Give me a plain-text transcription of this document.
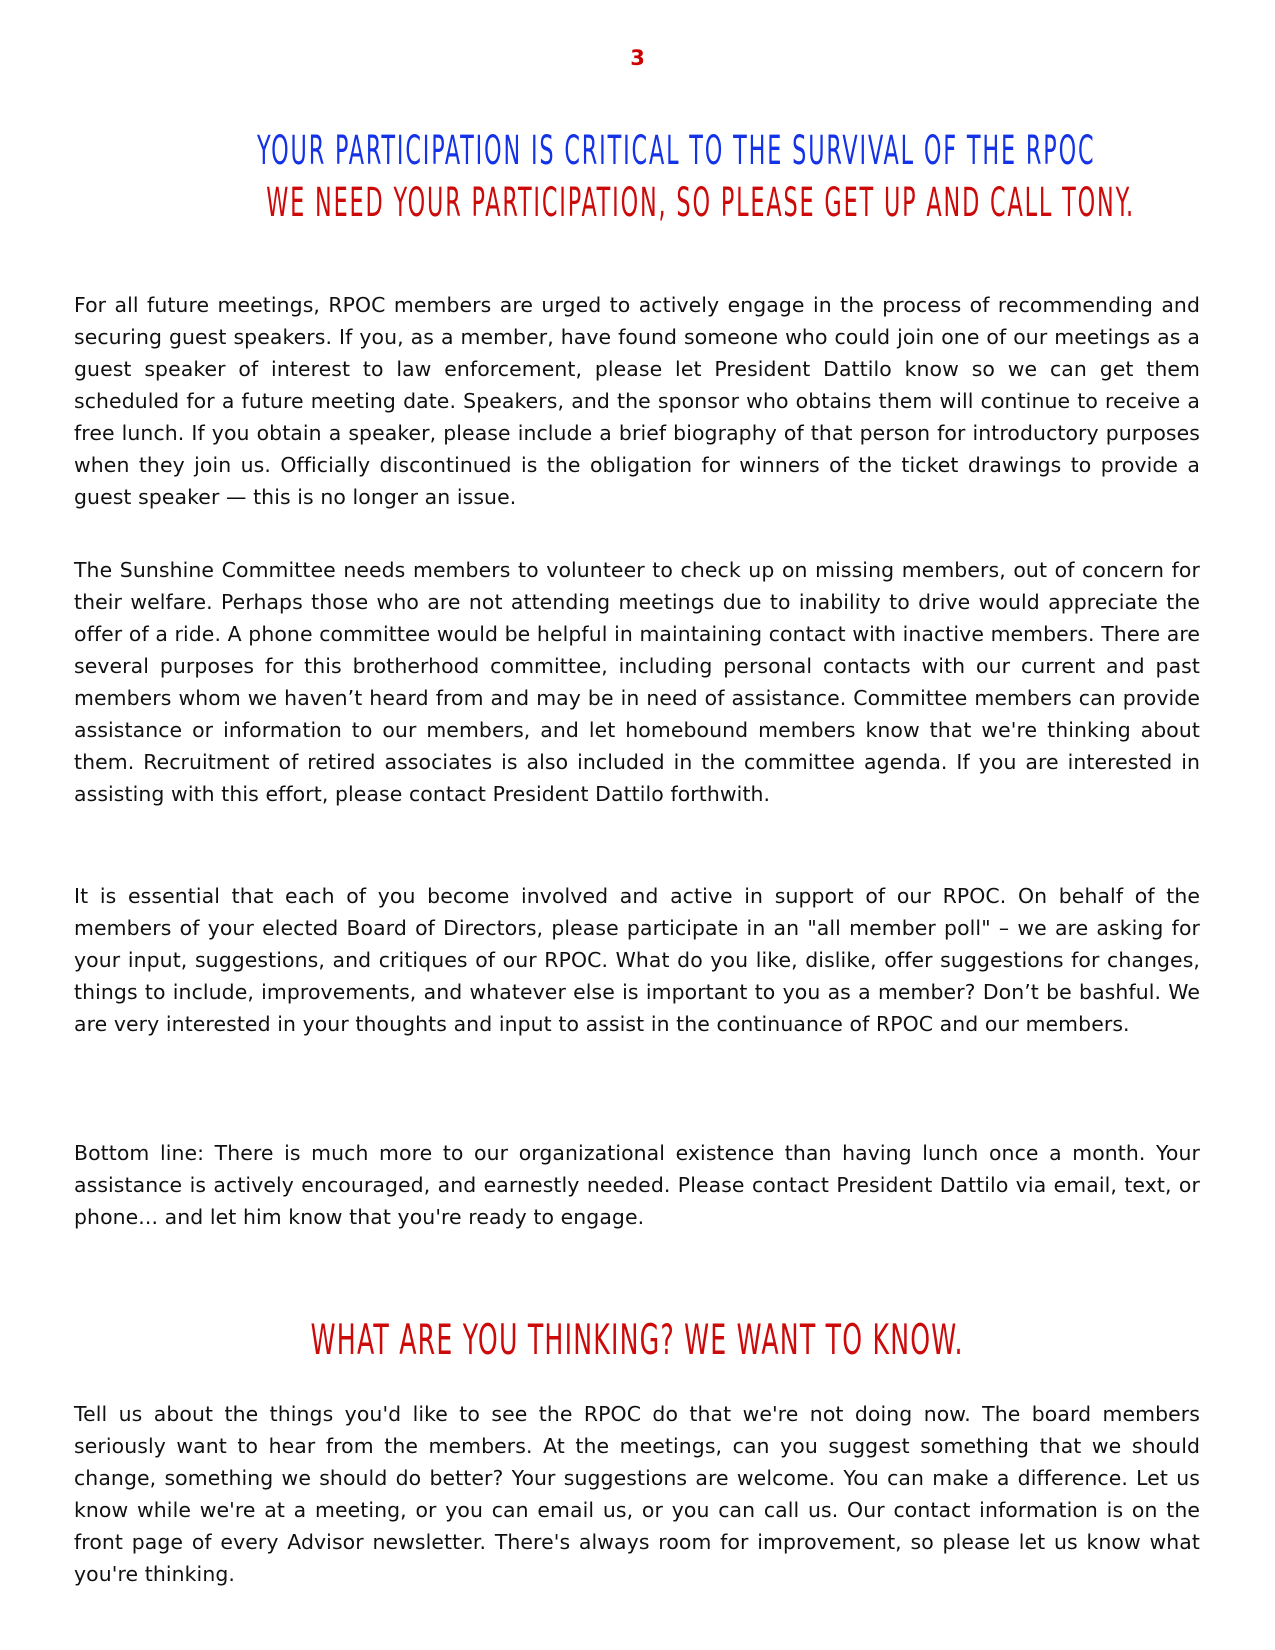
3
YOUR PARTICIPATION IS CRITICAL TO THE SURVIVAL OF THE RPOC
WE NEED YOUR PARTICIPATION, SO PLEASE GET UP AND CALL TONY.

For all future meetings, RPOC members are urged to actively engage in the process of recommending and securing guest speakers. If you, as a member, have found someone who could join one of our meetings as a guest speaker of interest to law enforcement, please let President Dattilo know so we can get them scheduled for a future meeting date. Speakers, and the sponsor who obtains them will continue to receive a free lunch. If you obtain a speaker, please include a brief biography of that person for introductory purposes when they join us. Officially discontinued is the obligation for winners of the ticket drawings to provide a guest speaker — this is no longer an issue.

The Sunshine Committee needs members to volunteer to check up on missing members, out of concern for their welfare. Perhaps those who are not attending meetings due to inability to drive would appreciate the offer of a ride. A phone committee would be helpful in maintaining contact with inactive members. There are several purposes for this brotherhood committee, including personal contacts with our current and past members whom we haven’t heard from and may be in need of assistance. Committee members can provide assistance or information to our members, and let homebound members know that we're thinking about them. Recruitment of retired associates is also included in the committee agenda. If you are interested in assisting with this effort, please contact President Dattilo forthwith.

It is essential that each of you become involved and active in support of our RPOC. On behalf of the members of your elected Board of Directors, please participate in an "all member poll" – we are asking for your input, suggestions, and critiques of our RPOC. What do you like, dislike, offer suggestions for changes, things to include, improvements, and whatever else is important to you as a member? Don’t be bashful. We are very interested in your thoughts and input to assist in the continuance of RPOC and our members.

Bottom line: There is much more to our organizational existence than having lunch once a month. Your assistance is actively encouraged, and earnestly needed. Please contact President Dattilo via email, text, or phone... and let him know that you're ready to engage.

WHAT ARE YOU THINKING? WE WANT TO KNOW.

Tell us about the things you'd like to see the RPOC do that we're not doing now. The board members seriously want to hear from the members. At the meetings, can you suggest something that we should change, something we should do better? Your suggestions are welcome. You can make a difference. Let us know while we're at a meeting, or you can email us, or you can call us. Our contact information is on the front page of every Advisor newsletter. There's always room for improvement, so please let us know what you're thinking.
